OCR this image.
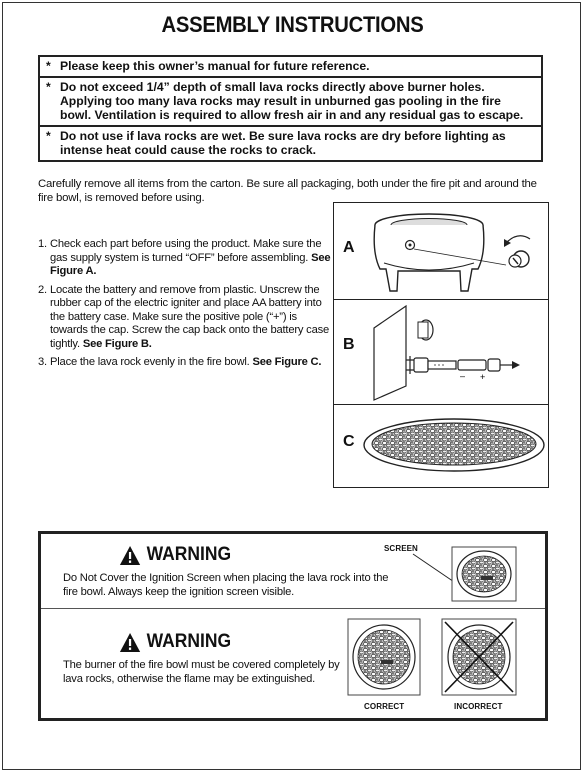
ASSEMBLY INSTRUCTIONS
* Please keep this owner’s manual for future reference.
* Do not exceed 1/4” depth of small lava rocks directly above burner holes. Applying too many lava rocks may result in unburned gas pooling in the fire bowl. Ventilation is required to allow fresh air in and any residual gas to escape.
* Do not use if lava rocks are wet. Be sure lava rocks are dry before lighting as intense heat could cause the rocks to crack.
Carefully remove all items from the carton. Be sure all packaging, both under the fire pit and around the fire bowl, is removed before using.
1. Check each part before using the product. Make sure the gas supply system is turned “OFF” before assembling. See Figure A.
2. Locate the battery and remove from plastic. Unscrew the rubber cap of the electric igniter and place AA battery into the battery case. Make sure the positive pole (“+”) is towards the cap. Screw the cap back onto the battery case tightly. See Figure B.
3. Place the lava rock evenly in the fire bowl. See Figure C.
A
B
– +
C
WARNING
Do Not Cover the Ignition Screen when placing the lava rock into the fire bowl. Always keep the ignition screen visible.
SCREEN
WARNING
The burner of the fire bowl must be covered completely by lava rocks, otherwise the flame may be extinguished.
CORRECT	INCORRECT
